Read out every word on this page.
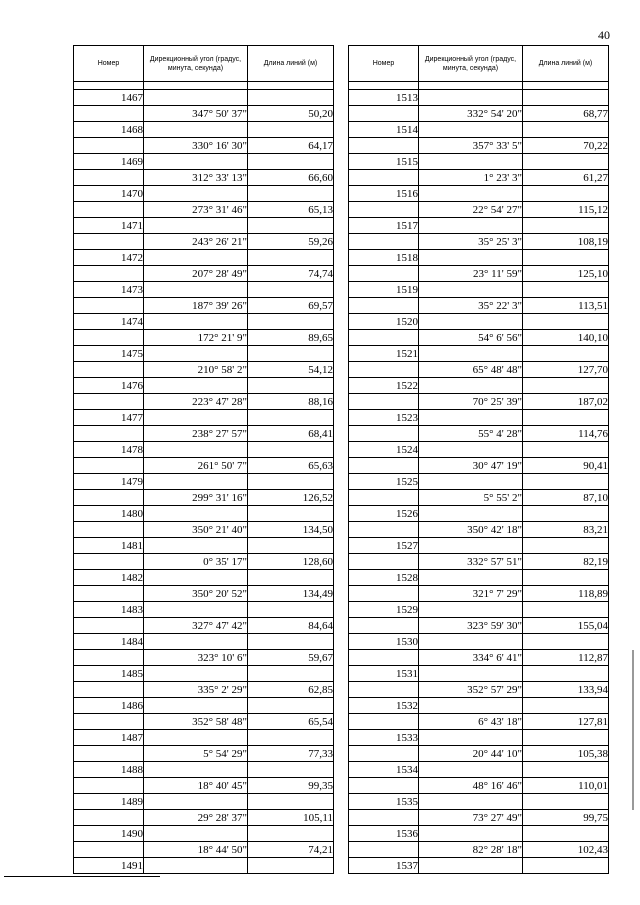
40
Номер	Дирекционный угол (градус, минута, секунда)	Длина линий (м)

1467		
	347° 50' 37"	50,20
1468		
	330° 16' 30"	64,17
1469		
	312° 33' 13"	66,60
1470		
	273° 31' 46"	65,13
1471		
	243° 26' 21"	59,26
1472		
	207° 28' 49"	74,74
1473		
	187° 39' 26"	69,57
1474		
	172° 21' 9"	89,65
1475		
	210° 58' 2"	54,12
1476		
	223° 47' 28"	88,16
1477		
	238° 27' 57"	68,41
1478		
	261° 50' 7"	65,63
1479		
	299° 31' 16"	126,52
1480		
	350° 21' 40"	134,50
1481		
	0° 35' 17"	128,60
1482		
	350° 20' 52"	134,49
1483		
	327° 47' 42"	84,64
1484		
	323° 10' 6"	59,67
1485		
	335° 2' 29"	62,85
1486		
	352° 58' 48"	65,54
1487		
	5° 54' 29"	77,33
1488		
	18° 40' 45"	99,35
1489		
	29° 28' 37"	105,11
1490		
	18° 44' 50"	74,21
1491		
Номер	Дирекционный угол (градус, минута, секунда)	Длина линий (м)

1513		
	332° 54' 20"	68,77
1514		
	357° 33' 5"	70,22
1515		
	1° 23' 3"	61,27
1516		
	22° 54' 27"	115,12
1517		
	35° 25' 3"	108,19
1518		
	23° 11' 59"	125,10
1519		
	35° 22' 3"	113,51
1520		
	54° 6' 56"	140,10
1521		
	65° 48' 48"	127,70
1522		
	70° 25' 39"	187,02
1523		
	55° 4' 28"	114,76
1524		
	30° 47' 19"	90,41
1525		
	5° 55' 2"	87,10
1526		
	350° 42' 18"	83,21
1527		
	332° 57' 51"	82,19
1528		
	321° 7' 29"	118,89
1529		
	323° 59' 30"	155,04
1530		
	334° 6' 41"	112,87
1531		
	352° 57' 29"	133,94
1532		
	6° 43' 18"	127,81
1533		
	20° 44' 10"	105,38
1534		
	48° 16' 46"	110,01
1535		
	73° 27' 49"	99,75
1536		
	82° 28' 18"	102,43
1537		
